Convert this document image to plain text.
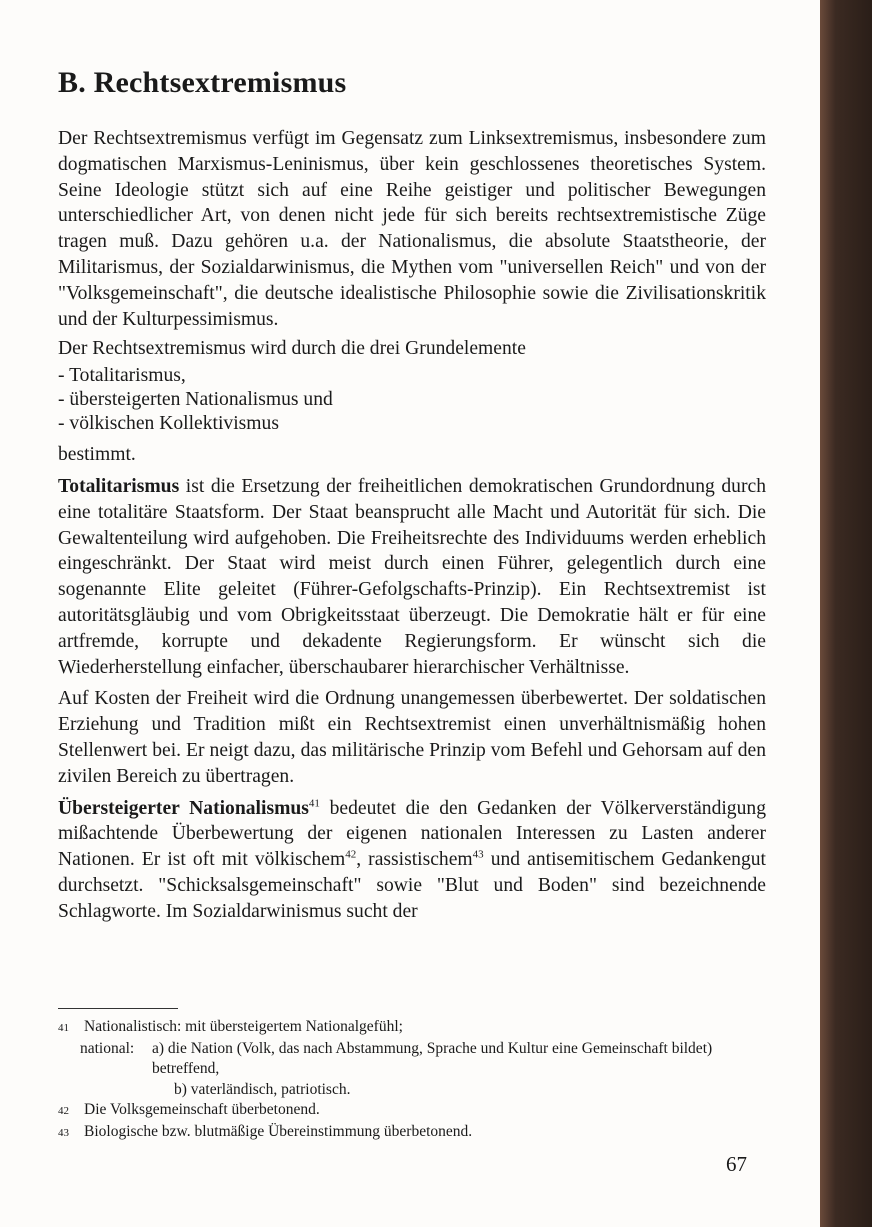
B. Rechtsextremismus

Der Rechtsextremismus verfügt im Gegensatz zum Linksextremismus, insbesondere zum dogmatischen Marxismus-Leninismus, über kein geschlossenes theoretisches System. Seine Ideologie stützt sich auf eine Reihe geistiger und politischer Bewegungen unterschiedlicher Art, von denen nicht jede für sich bereits rechtsextremistische Züge tragen muß. Dazu gehören u.a. der Nationalismus, die absolute Staatstheorie, der Militarismus, der Sozialdarwinismus, die Mythen vom "universellen Reich" und von der "Volksgemeinschaft", die deutsche idealistische Philosophie sowie die Zivilisationskritik und der Kulturpessimismus.

Der Rechtsextremismus wird durch die drei Grundelemente

- Totalitarismus,
- übersteigerten Nationalismus und
- völkischen Kollektivismus

bestimmt.

Totalitarismus ist die Ersetzung der freiheitlichen demokratischen Grundordnung durch eine totalitäre Staatsform. Der Staat beansprucht alle Macht und Autorität für sich. Die Gewaltenteilung wird aufgehoben. Die Freiheitsrechte des Individuums werden erheblich eingeschränkt. Der Staat wird meist durch einen Führer, gelegentlich durch eine sogenannte Elite geleitet (Führer-Gefolgschafts-Prinzip). Ein Rechtsextremist ist autoritätsgläubig und vom Obrigkeitsstaat überzeugt. Die Demokratie hält er für eine artfremde, korrupte und dekadente Regierungsform. Er wünscht sich die Wiederherstellung einfacher, überschaubarer hierarchischer Verhältnisse.

Auf Kosten der Freiheit wird die Ordnung unangemessen überbewertet. Der soldatischen Erziehung und Tradition mißt ein Rechtsextremist einen unverhältnismäßig hohen Stellenwert bei. Er neigt dazu, das militärische Prinzip vom Befehl und Gehorsam auf den zivilen Bereich zu übertragen.

Übersteigerter Nationalismus$^{41}$ bedeutet die den Gedanken der Völkerverständigung mißachtende Überbewertung der eigenen nationalen Interessen zu Lasten anderer Nationen. Er ist oft mit völkischem$^{42}$, rassistischem$^{43}$ und antisemitischem Gedankengut durchsetzt. "Schicksalsgemeinschaft" sowie "Blut und Boden" sind bezeichnende Schlagworte. Im Sozialdarwinismus sucht der

41 Nationalistisch: mit übersteigertem Nationalgefühl;
national:	a) die Nation (Volk, das nach Abstammung, Sprache und Kultur eine Gemeinschaft bildet) betreffend,
b) vaterländisch, patriotisch.
42 Die Volksgemeinschaft überbetonend.
43 Biologische bzw. blutmäßige Übereinstimmung überbetonend.
67
